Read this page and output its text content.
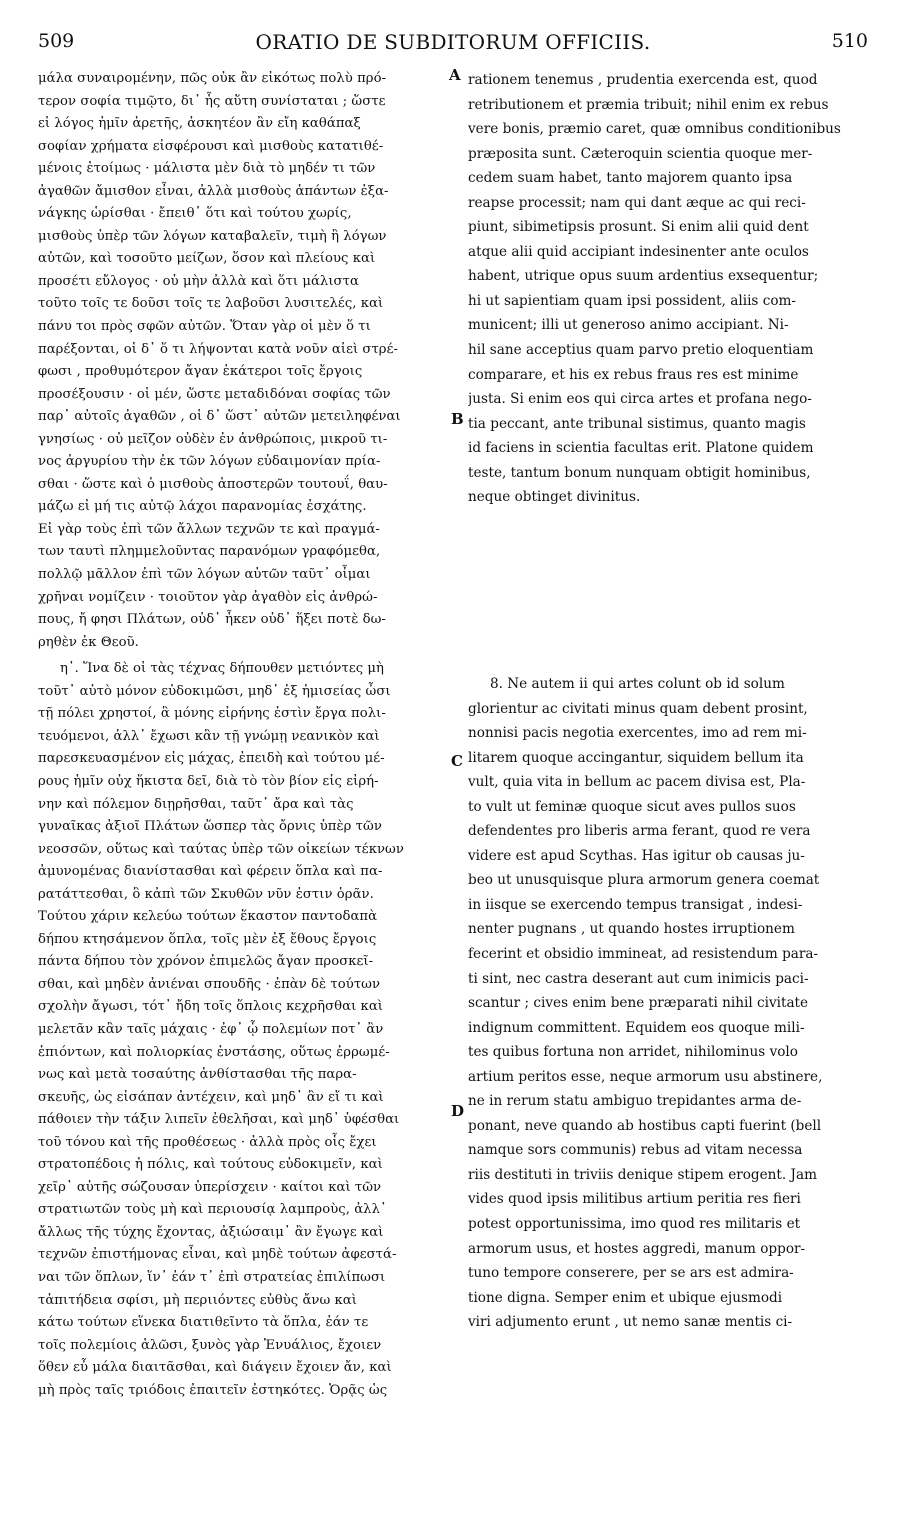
509	ORATIO DE SUBDITORUM OFFICIIS.	510
μάλα συναιρομένην, πῶς οὐκ ἂν εἰκότως πολὺ πρό-
τερον σοφία τιμῷτο, δι᾽ ἧς αὕτη συνίσταται ; ὥστε
εἰ λόγος ἡμῖν ἀρετῆς, ἀσκητέον ἂν εἴη καθάπαξ
σοφίαν χρήματα εἰσφέρουσι καὶ μισθοὺς κατατιθέ-
μένοις ἑτοίμως · μάλιστα μὲν διὰ τὸ μηδέν τι τῶν
ἀγαθῶν ἄμισθον εἶναι, ἀλλὰ μισθοὺς ἁπάντων ἐξα-
νάγκης ὡρίσθαι · ἔπειθ᾽ ὅτι καὶ τούτου χωρίς,
μισθοὺς ὑπὲρ τῶν λόγων καταβαλεῖν, τιμὴ ἢ λόγων
αὐτῶν, καὶ τοσοῦτο μείζων, ὅσον καὶ πλείους καὶ
προσέτι εὔλογος · οὐ μὴν ἀλλὰ καὶ ὅτι μάλιστα
τοῦτο τοῖς τε δοῦσι τοῖς τε λαβοῦσι λυσιτελές, καὶ
πάνυ τοι πρὸς σφῶν αὐτῶν. Ὅταν γὰρ οἱ μὲν ὅ τι
παρέξονται, οἱ δ᾽ ὅ τι λήψονται κατὰ νοῦν αἰεὶ στρέ-
φωσι , προθυμότερον ἄγαν ἑκάτεροι τοῖς ἔργοις
προσέξουσιν · οἱ μέν, ὥστε μεταδιδόναι σοφίας τῶν
παρ᾽ αὐτοῖς ἀγαθῶν , οἱ δ᾽ ὥστ᾽ αὐτῶν μετειληφέναι
γνησίως · οὐ μεῖζον οὐδὲν ἐν ἀνθρώποις, μικροῦ τι-
νος ἀργυρίου τὴν ἐκ τῶν λόγων εὐδαιμονίαν πρία-
σθαι · ὥστε καὶ ὁ μισθοὺς ἀποστερῶν τουτουΐ, θαυ-
μάζω εἰ μή τις αὐτῷ λάχοι παρανομίας ἐσχάτης.
Εἰ γὰρ τοὺς ἐπὶ τῶν ἄλλων τεχνῶν τε καὶ πραγμά-
των ταυτὶ πλημμελοῦντας παρανόμων γραφόμεθα,
πολλῷ μᾶλλον ἐπὶ τῶν λόγων αὐτῶν ταῦτ᾽ οἶμαι
χρῆναι νομίζειν · τοιοῦτον γὰρ ἀγαθὸν εἰς ἀνθρώ-
πους, ἤ φησι Πλάτων, οὐδ᾽ ἧκεν οὐδ᾽ ἥξει ποτὲ δω-
ρηθὲν ἐκ Θεοῦ.
η᾽. Ἵνα δὲ οἱ τὰς τέχνας δήπουθεν μετιόντες μὴ
τοῦτ᾽ αὐτὸ μόνον εὐδοκιμῶσι, μηδ᾽ ἐξ ἡμισείας ὦσι
τῇ πόλει χρηστοί, ἃ μόνης εἰρήνης ἐστὶν ἔργα πολι-
τευόμενοι, ἀλλ᾽ ἔχωσι κἂν τῇ γνώμῃ νεανικὸν καὶ
παρεσκευασμένον εἰς μάχας, ἐπειδὴ καὶ τούτου μέ-
ρους ἡμῖν οὐχ ἥκιστα δεῖ, διὰ τὸ τὸν βίον εἰς εἰρή-
νην καὶ πόλεμον διῃρῆσθαι, ταῦτ᾽ ἄρα καὶ τὰς
γυναῖκας ἀξιοῖ Πλάτων ὥσπερ τὰς ὄρνις ὑπὲρ τῶν
νεοσσῶν, οὕτως καὶ ταύτας ὑπὲρ τῶν οἰκείων τέκνων
ἀμυνομένας διανίστασθαι καὶ φέρειν ὅπλα καὶ πα-
ρατάττεσθαι, ὃ κἀπὶ τῶν Σκυθῶν νῦν ἐστιν ὁρᾶν.
Τούτου χάριν κελεύω τούτων ἕκαστον παντοδαπὰ
δήπου κτησάμενον ὅπλα, τοῖς μὲν ἐξ ἔθους ἔργοις
πάντα δήπου τὸν χρόνον ἐπιμελῶς ἄγαν προσκεῖ-
σθαι, καὶ μηδὲν ἀνιέναι σπουδῆς · ἐπὰν δὲ τούτων
σχολὴν ἄγωσι, τότ᾽ ἤδη τοῖς ὅπλοις κεχρῆσθαι καὶ
μελετᾶν κἂν ταῖς μάχαις · ἐφ᾽ ᾧ πολεμίων ποτ᾽ ἂν
ἐπιόντων, καὶ πολιορκίας ἐνστάσης, οὕτως ἐρρωμέ-
νως καὶ μετὰ τοσαύτης ἀνθίστασθαι τῆς παρα-
σκευῆς, ὡς εἰσάπαν ἀντέχειν, καὶ μηδ᾽ ἂν εἴ τι καὶ
πάθοιεν τὴν τάξιν λιπεῖν ἐθελῆσαι, καὶ μηδ᾽ ὑφέσθαι
τοῦ τόνου καὶ τῆς προθέσεως · ἀλλὰ πρὸς οἷς ἔχει
στρατοπέδοις ἡ πόλις, καὶ τούτους εὐδοκιμεῖν, καὶ
χεῖρ᾽ αὐτῆς σώζουσαν ὑπερίσχειν · καίτοι καὶ τῶν
στρατιωτῶν τοὺς μὴ καὶ περιουσίᾳ λαμπροὺς, ἀλλ᾽
ἄλλως τῆς τύχης ἔχοντας, ἀξιώσαιμ᾽ ἂν ἔγωγε καὶ
τεχνῶν ἐπιστήμονας εἶναι, καὶ μηδὲ τούτων ἀφεστά-
ναι τῶν ὅπλων, ἵν᾽ ἐάν τ᾽ ἐπὶ στρατείας ἐπιλίπωσι
τἀπιτήδεια σφίσι, μὴ περιιόντες εὐθὺς ἄνω καὶ
κάτω τούτων εἵνεκα διατιθεῖντο τὰ ὅπλα, ἐάν τε
τοῖς πολεμίοις ἁλῶσι, ξυνὸς γὰρ Ἐνυάλιος, ἔχοιεν
ὅθεν εὖ μάλα διαιτᾶσθαι, καὶ διάγειν ἔχοιεν ἄν, καὶ
μὴ πρὸς ταῖς τριόδοις ἐπαιτεῖν ἐστηκότες. Ὁρᾷς ὡς
rationem tenemus , prudentia exercenda est, quod
retributionem et præmia tribuit; nihil enim ex rebus
vere bonis, præmio caret, quæ omnibus conditionibus
præposita sunt. Cæteroquin scientia quoque mer-
cedem suam habet, tanto majorem quanto ipsa
reapse processit; nam qui dant æque ac qui reci-
piunt, sibimetipsis prosunt. Si enim alii quid dent
atque alii quid accipiant indesinenter ante oculos
habent, utrique opus suum ardentius exsequentur;
hi ut sapientiam quam ipsi possident, aliis com-
municent; illi ut generoso animo accipiant. Ni-
hil sane acceptius quam parvo pretio eloquentiam
comparare, et his ex rebus fraus res est minime
justa. Si enim eos qui circa artes et profana nego-
tia peccant, ante tribunal sistimus, quanto magis
id faciens in scientia facultas erit. Platone quidem
teste, tantum bonum nunquam obtigit hominibus,
neque obtinget divinitus.
8. Ne autem ii qui artes colunt ob id solum
glorientur ac civitati minus quam debent prosint,
nonnisi pacis negotia exercentes, imo ad rem mi-
litarem quoque accingantur, siquidem bellum ita
vult, quia vita in bellum ac pacem divisa est, Pla-
to vult ut feminæ quoque sicut aves pullos suos
defendentes pro liberis arma ferant, quod re vera
videre est apud Scythas. Has igitur ob causas ju-
beo ut unusquisque plura armorum genera coemat
in iisque se exercendo tempus transigat , indesi-
nenter pugnans , ut quando hostes irruptionem
fecerint et obsidio immineat, ad resistendum para-
ti sint, nec castra deserant aut cum inimicis paci-
scantur ; cives enim bene præparati nihil civitate
indignum committent. Equidem eos quoque mili-
tes quibus fortuna non arridet, nihilominus volo
artium peritos esse, neque armorum usu abstinere,
ne in rerum statu ambiguo trepidantes arma de-
ponant, neve quando ab hostibus capti fuerint (bell
namque sors communis) rebus ad vitam necessa
riis destituti in triviis denique stipem erogent. Jam
vides quod ipsis militibus artium peritia res fieri
potest opportunissima, imo quod res militaris et
armorum usus, et hostes aggredi, manum oppor-
tuno tempore conserere, per se ars est admira-
tione digna. Semper enim et ubique ejusmodi
viri adjumento erunt , ut nemo sanæ mentis ci-
A
B
C
D
